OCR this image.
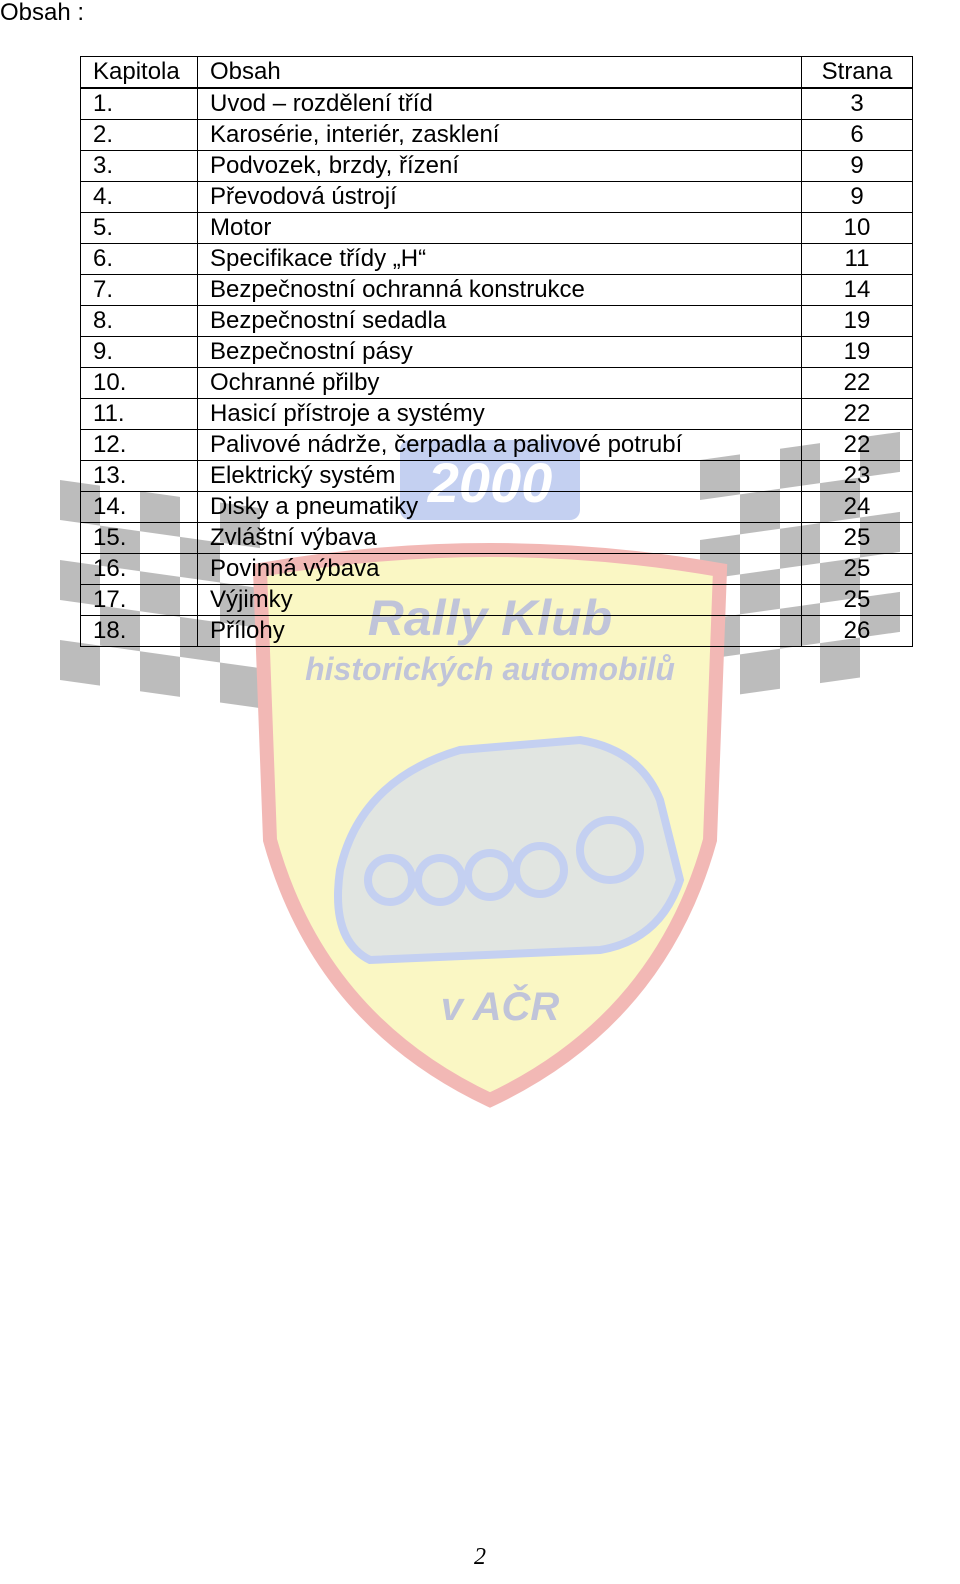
Obsah :
2000
Rally Klub
historických automobilů
v AČR
Kapitola	Obsah	Strana
1.	Uvod – rozdělení tříd	3
2.	Karosérie, interiér, zasklení	6
3.	Podvozek, brzdy, řízení	9
4.	Převodová ústrojí	9
5.	Motor	10
6.	Specifikace třídy „H“	11
7.	Bezpečnostní ochranná konstrukce	14
8.	Bezpečnostní sedadla	19
9.	Bezpečnostní pásy	19
10.	Ochranné přilby	22
11.	Hasicí přístroje a systémy	22
12.	Palivové nádrže, čerpadla a palivové potrubí	22
13.	Elektrický systém	23
14.	Disky a pneumatiky	24
15.	Zvláštní výbava	25
16.	Povinná výbava	25
17.	Výjimky	25
18.	Přílohy	26
2
